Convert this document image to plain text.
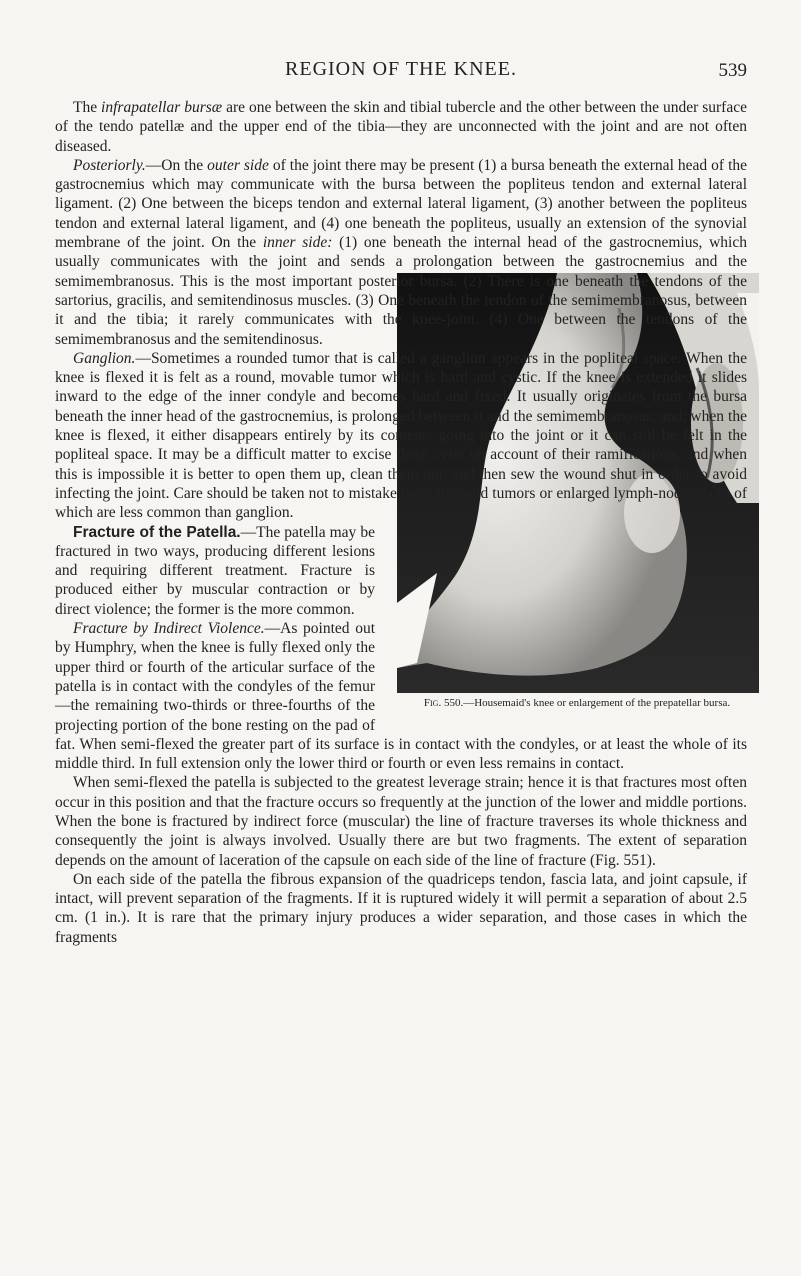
REGION OF THE KNEE.	539

The infrapatellar bursæ are one between the skin and tibial tubercle and the other between the under surface of the tendo patellæ and the upper end of the tibia—they are unconnected with the joint and are not often diseased.

Posteriorly.—On the outer side of the joint there may be present (1) a bursa beneath the external head of the gastrocnemius which may communicate with the bursa between the popliteus tendon and external lateral ligament. (2) One between the biceps tendon and external lateral ligament, (3) another between the popliteus tendon and external lateral ligament, and (4) one beneath the popliteus, usually an extension of the synovial membrane of the joint. On the inner side: (1) one beneath the internal head of the gastrocnemius, which usually communicates with the joint and sends a prolongation between the gastrocnemius and the semimembranosus. This is the most important posterior bursa. (2) There is one beneath the tendons of the sartorius, gracilis, and semitendinosus muscles. (3) One beneath the tendon of the semimembranosus, between it and the tibia; it rarely communicates with the knee-joint. (4) One between the tendons of the semimembranosus and the semitendinosus.

Ganglion.—Sometimes a rounded tumor that is called a ganglion appears in the popliteal space. When the knee is flexed it is felt as a round, movable tumor which is hard and cystic. If the knee is extended it slides inward to the edge of the inner condyle and becomes hard and fixed. It usually originates from the bursa beneath the inner head of the gastrocnemius, is prolonged between it and the semimembranosus, and, when the knee is flexed, it either disappears entirely by its contents going into the joint or it can still be felt in the popliteal space. It may be a difficult matter to excise these cysts on account of their ramifications, and when this is impossible it is better to open them up, clean them out, and then sew the wound shut in order to avoid infecting the joint. Care should be taken not to mistake them for solid tumors or enlarged lymph-nodes, both of which are less common than ganglion.

Fig. 550.—Housemaid's knee or enlargement of the prepatellar bursa.

Fracture of the Patella.—The patella may be fractured in two ways, producing different lesions and requiring different treatment. Fracture is produced either by muscular contraction or by direct violence; the former is the more common.

Fracture by Indirect Violence.—As pointed out by Humphry, when the knee is fully flexed only the upper third or fourth of the articular surface of the patella is in contact with the condyles of the femur—the remaining two-thirds or three-fourths of the projecting portion of the bone resting on the pad of fat. When semi-flexed the greater part of its surface is in contact with the condyles, or at least the whole of its middle third. In full extension only the lower third or fourth or even less remains in contact.

When semi-flexed the patella is subjected to the greatest leverage strain; hence it is that fractures most often occur in this position and that the fracture occurs so frequently at the junction of the lower and middle portions. When the bone is fractured by indirect force (muscular) the line of fracture traverses its whole thickness and consequently the joint is always involved. Usually there are but two fragments. The extent of separation depends on the amount of laceration of the capsule on each side of the line of fracture (Fig. 551).

On each side of the patella the fibrous expansion of the quadriceps tendon, fascia lata, and joint capsule, if intact, will prevent separation of the fragments. If it is ruptured widely it will permit a separation of about 2.5 cm. (1 in.). It is rare that the primary injury produces a wider separation, and those cases in which the fragments
